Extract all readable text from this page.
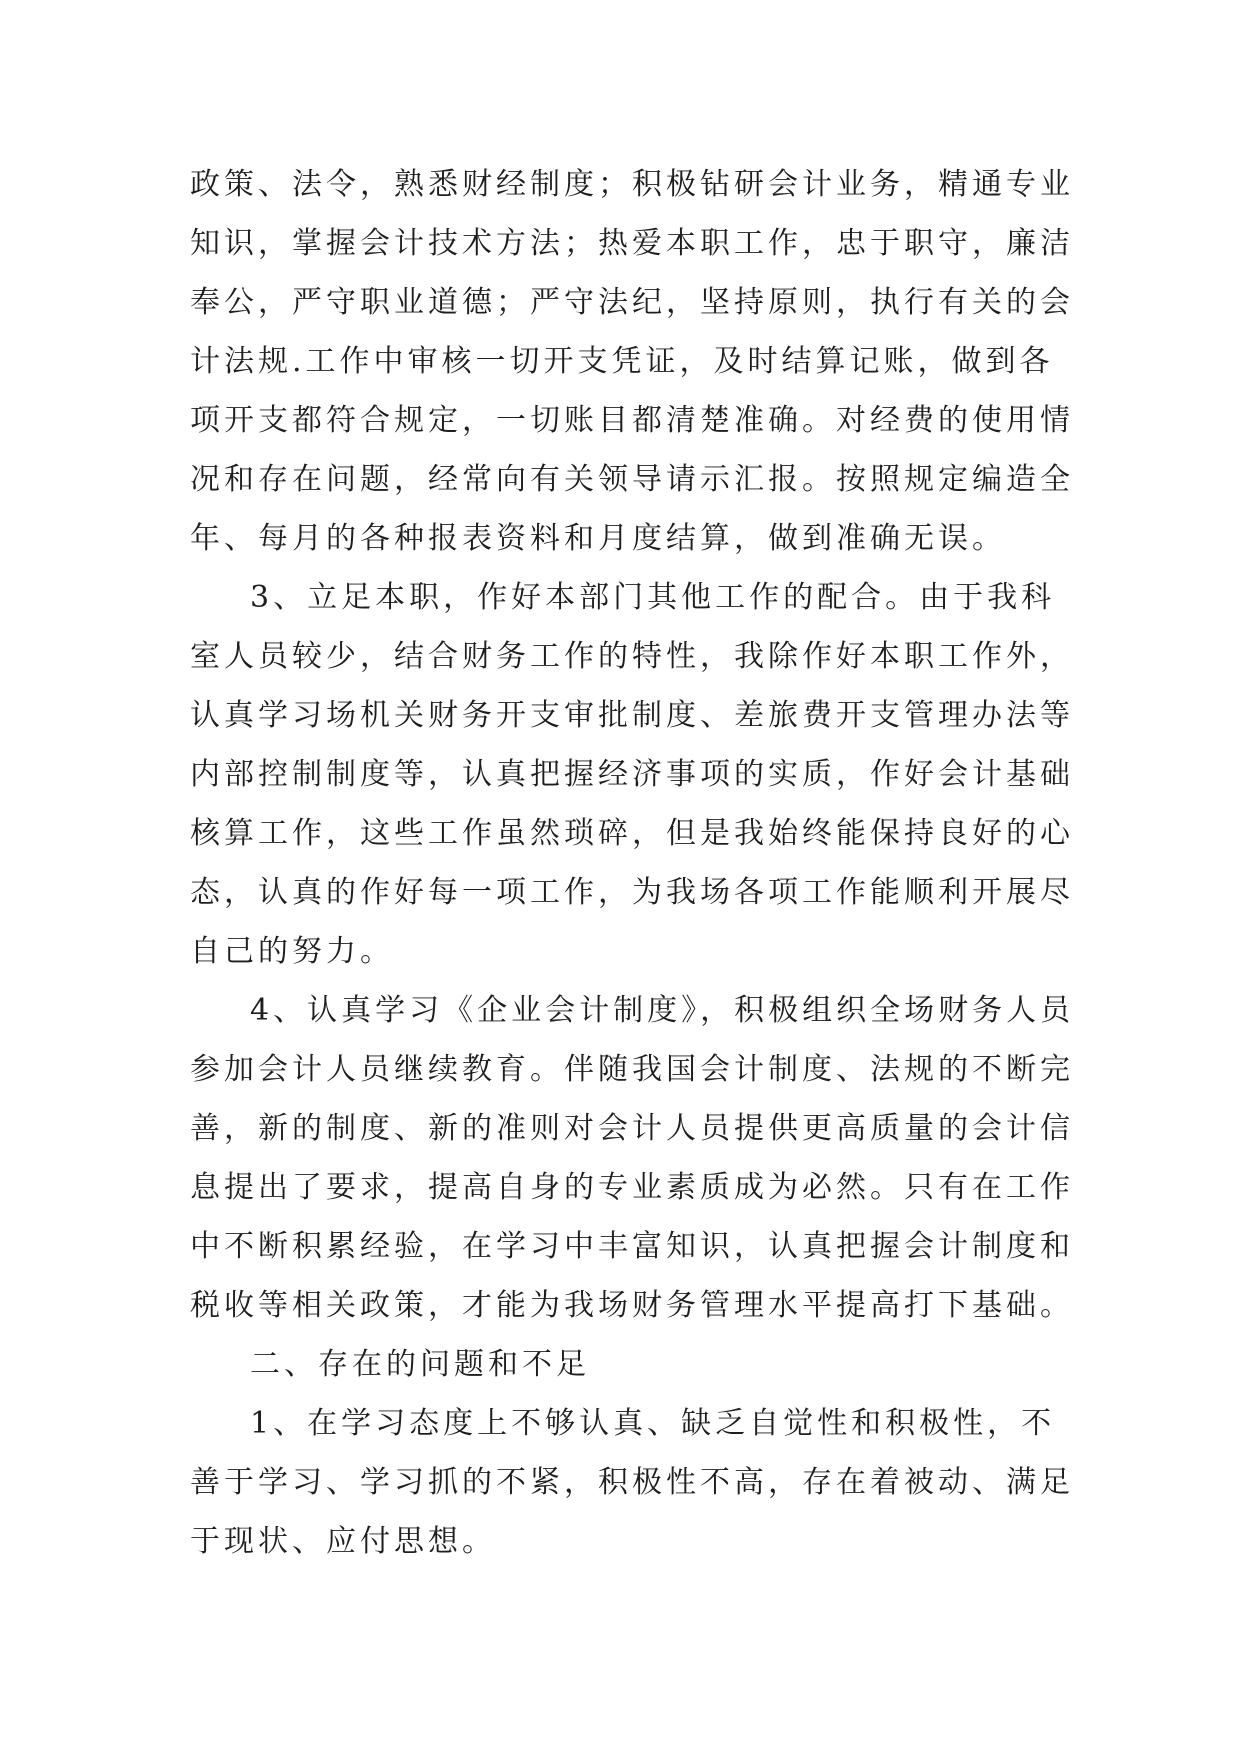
政策、法令，熟悉财经制度；积极钻研会计业务，精通专业
知识，掌握会计技术方法；热爱本职工作，忠于职守，廉洁
奉公，严守职业道德；严守法纪，坚持原则，执行有关的会
计法规.工作中审核一切开支凭证，及时结算记账，做到各
项开支都符合规定，一切账目都清楚准确。对经费的使用情
况和存在问题，经常向有关领导请示汇报。按照规定编造全
年、每月的各种报表资料和月度结算，做到准确无误。
3、立足本职，作好本部门其他工作的配合。由于我科
室人员较少，结合财务工作的特性，我除作好本职工作外，
认真学习场机关财务开支审批制度、差旅费开支管理办法等
内部控制制度等，认真把握经济事项的实质，作好会计基础
核算工作，这些工作虽然琐碎，但是我始终能保持良好的心
态，认真的作好每一项工作，为我场各项工作能顺利开展尽
自己的努力。
4、认真学习《企业会计制度》，积极组织全场财务人员
参加会计人员继续教育。伴随我国会计制度、法规的不断完
善，新的制度、新的准则对会计人员提供更高质量的会计信
息提出了要求，提高自身的专业素质成为必然。只有在工作
中不断积累经验，在学习中丰富知识，认真把握会计制度和
税收等相关政策，才能为我场财务管理水平提高打下基础。
二、存在的问题和不足
1、在学习态度上不够认真、缺乏自觉性和积极性，不
善于学习、学习抓的不紧，积极性不高，存在着被动、满足
于现状、应付思想。
